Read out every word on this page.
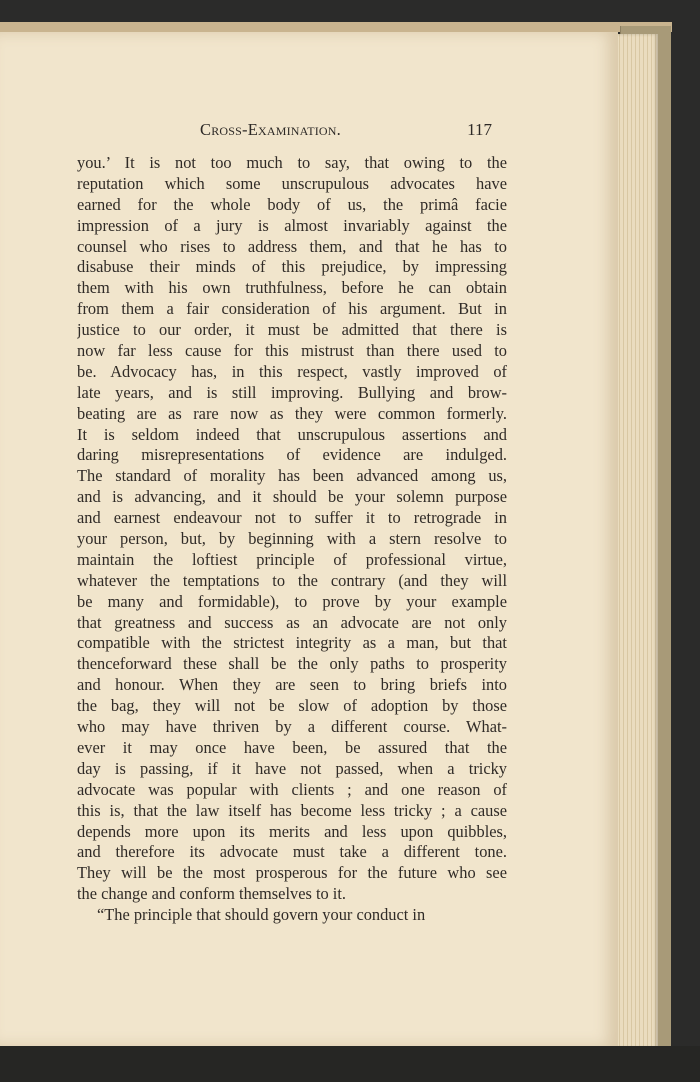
Cross-Examination.	117
you.’ It is not too much to say, that owing to the
reputation which some unscrupulous advocates have
earned for the whole body of us, the primâ facie
impression of a jury is almost invariably against the
counsel who rises to address them, and that he has to
disabuse their minds of this prejudice, by impressing
them with his own truthfulness, before he can obtain
from them a fair consideration of his argument. But in
justice to our order, it must be admitted that there is
now far less cause for this mistrust than there used to
be. Advocacy has, in this respect, vastly improved of
late years, and is still improving. Bullying and brow-
beating are as rare now as they were common formerly.
It is seldom indeed that unscrupulous assertions and
daring misrepresentations of evidence are indulged.
The standard of morality has been advanced among us,
and is advancing, and it should be your solemn purpose
and earnest endeavour not to suffer it to retrograde in
your person, but, by beginning with a stern resolve to
maintain the loftiest principle of professional virtue,
whatever the temptations to the contrary (and they will
be many and formidable), to prove by your example
that greatness and success as an advocate are not only
compatible with the strictest integrity as a man, but that
thenceforward these shall be the only paths to prosperity
and honour. When they are seen to bring briefs into
the bag, they will not be slow of adoption by those
who may have thriven by a different course. What-
ever it may once have been, be assured that the
day is passing, if it have not passed, when a tricky
advocate was popular with clients ; and one reason of
this is, that the law itself has become less tricky ; a cause
depends more upon its merits and less upon quibbles,
and therefore its advocate must take a different tone.
They will be the most prosperous for the future who see
the change and conform themselves to it.
“The principle that should govern your conduct in
